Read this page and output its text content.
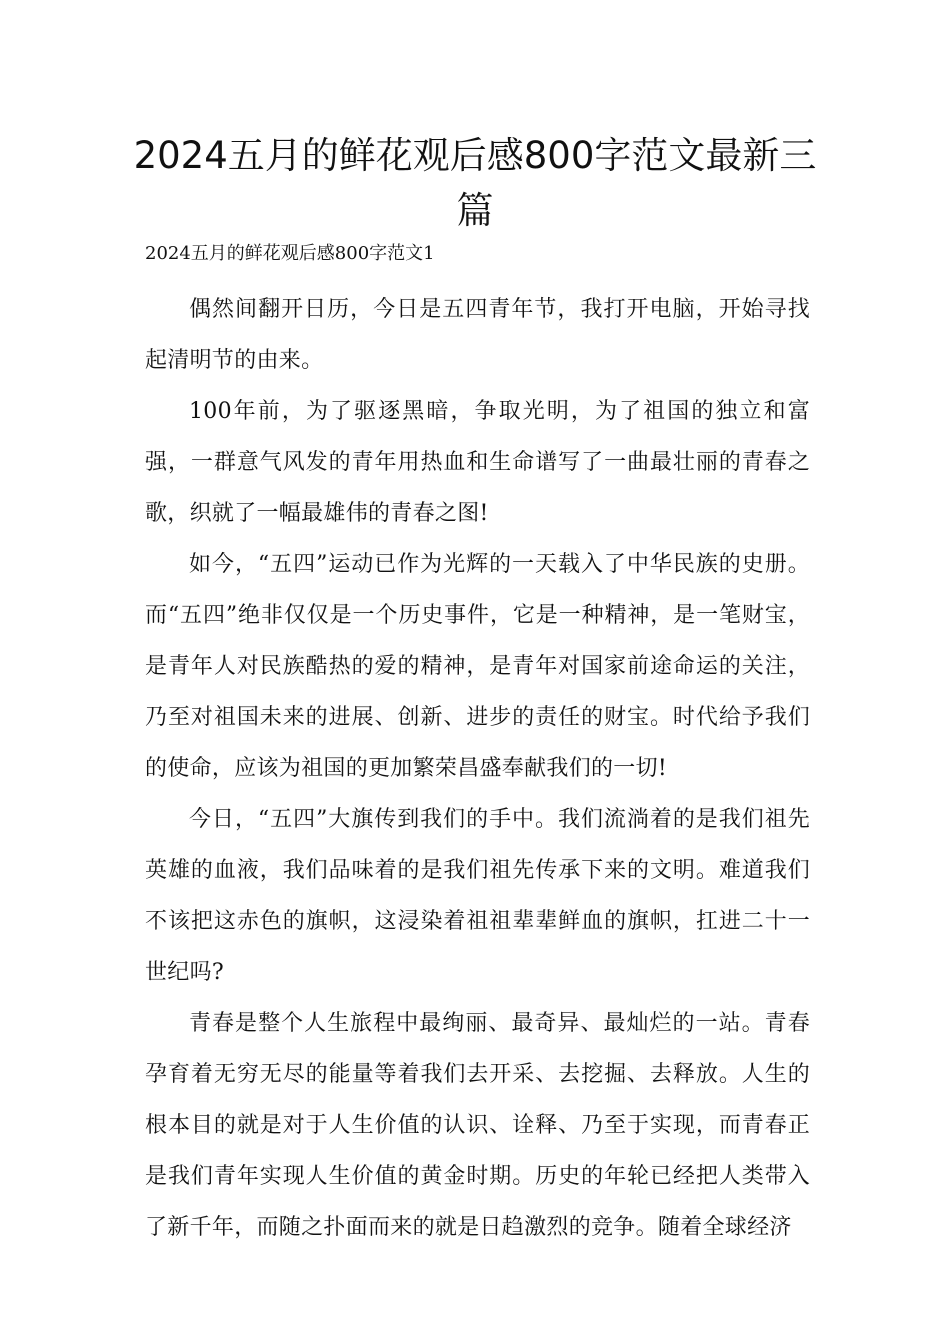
2024五月的鲜花观后感800字范文最新三篇

2024五月的鲜花观后感800字范文1

偶然间翻开日历，今日是五四青年节，我打开电脑，开始寻找起清明节的由来。

100年前，为了驱逐黑暗，争取光明，为了祖国的独立和富强，一群意气风发的青年用热血和生命谱写了一曲最壮丽的青春之歌，织就了一幅最雄伟的青春之图!

如今，“五四”运动已作为光辉的一天载入了中华民族的史册。而“五四”绝非仅仅是一个历史事件，它是一种精神，是一笔财宝，是青年人对民族酷热的爱的精神，是青年对国家前途命运的关注，乃至对祖国未来的进展、创新、进步的责任的财宝。时代给予我们的使命，应该为祖国的更加繁荣昌盛奉献我们的一切!

今日，“五四”大旗传到我们的手中。我们流淌着的是我们祖先英雄的血液，我们品味着的是我们祖先传承下来的文明。难道我们不该把这赤色的旗帜，这浸染着祖祖辈辈鲜血的旗帜，扛进二十一世纪吗?

青春是整个人生旅程中最绚丽、最奇异、最灿烂的一站。青春孕育着无穷无尽的能量等着我们去开采、去挖掘、去释放。人生的根本目的就是对于人生价值的认识、诠释、乃至于实现，而青春正是我们青年实现人生价值的黄金时期。历史的年轮已经把人类带入了新千年，而随之扑面而来的就是日趋激烈的竞争。随着全球经济
